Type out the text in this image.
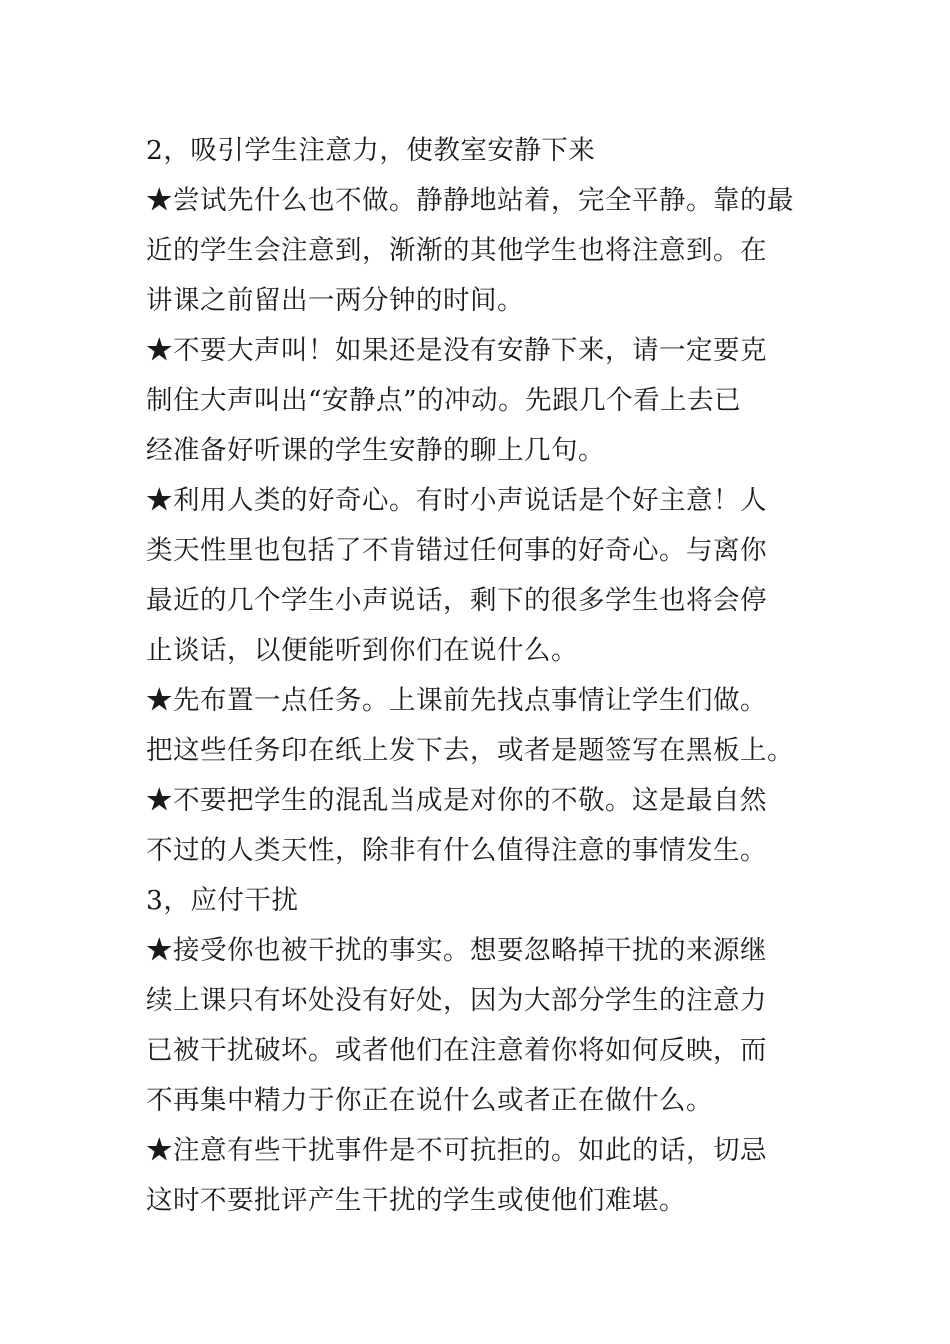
2，吸引学生注意力，使教室安静下来
★尝试先什么也不做。静静地站着，完全平静。靠的最
近的学生会注意到，渐渐的其他学生也将注意到。在
讲课之前留出一两分钟的时间。
★不要大声叫！如果还是没有安静下来，请一定要克
制住大声叫出“安静点”的冲动。先跟几个看上去已
经准备好听课的学生安静的聊上几句。
★利用人类的好奇心。有时小声说话是个好主意！人
类天性里也包括了不肯错过任何事的好奇心。与离你
最近的几个学生小声说话，剩下的很多学生也将会停
止谈话，以便能听到你们在说什么。
★先布置一点任务。上课前先找点事情让学生们做。
把这些任务印在纸上发下去，或者是题签写在黑板上。
★不要把学生的混乱当成是对你的不敬。这是最自然
不过的人类天性，除非有什么值得注意的事情发生。
3，应付干扰
★接受你也被干扰的事实。想要忽略掉干扰的来源继
续上课只有坏处没有好处，因为大部分学生的注意力
已被干扰破坏。或者他们在注意着你将如何反映，而
不再集中精力于你正在说什么或者正在做什么。
★注意有些干扰事件是不可抗拒的。如此的话，切忌
这时不要批评产生干扰的学生或使他们难堪。
